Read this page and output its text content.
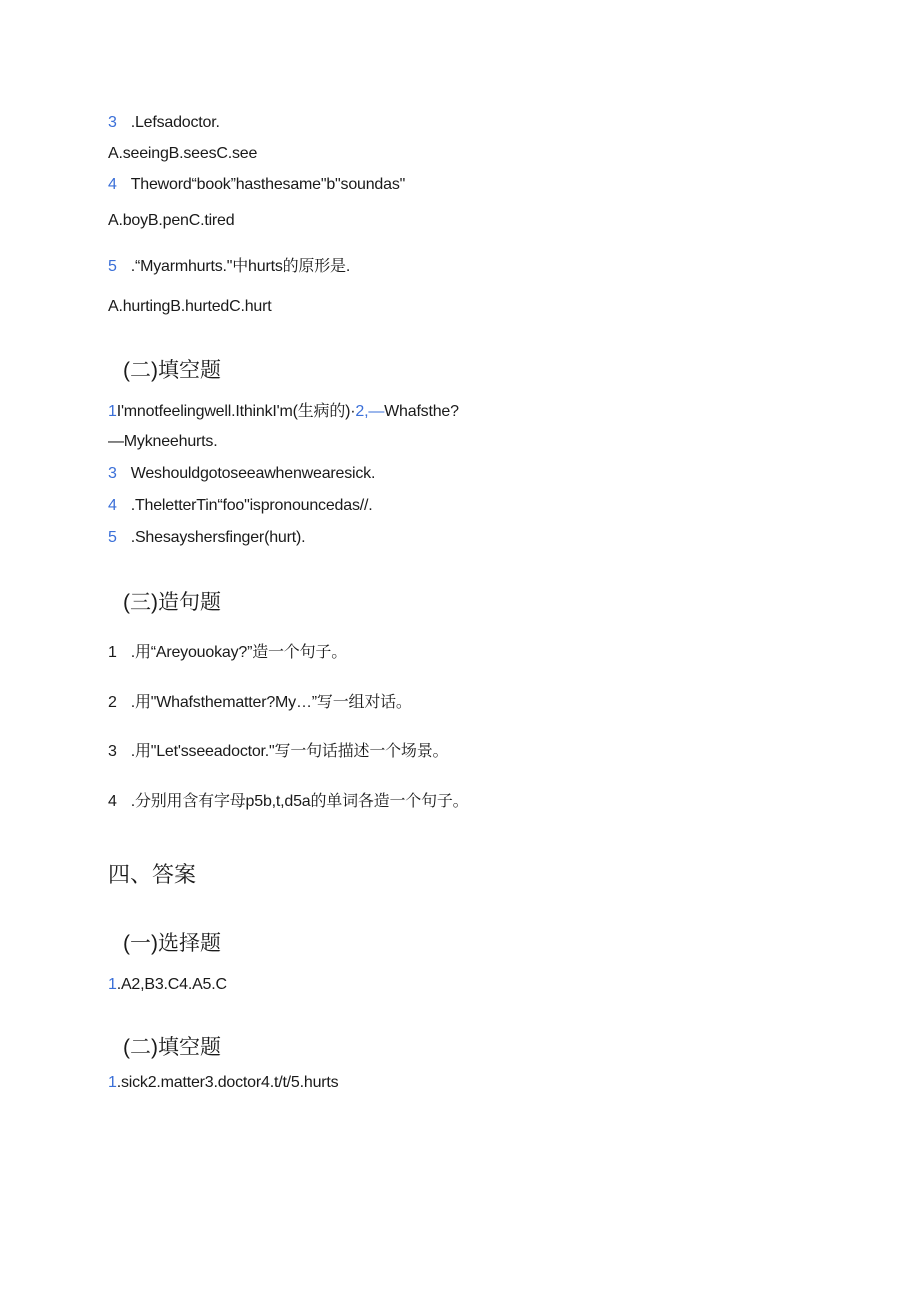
3 .Lefsadoctor.
A.seeingB.seesC.see
4 Theword“book”hasthesame"b"soundas"
A.boyB.penC.tired
5 .“Myarmhurts."中hurts的原形是.
A.hurtingB.hurtedC.hurt
(二)填空题
1I'mnotfeelingwell.IthinkI'm(生病的)·2,—Whafsthe?
—Mykneehurts.
3 Weshouldgotoseeawhenwearesick.
4 .TheletterTin“foo"ispronouncedas//.
5 .Shesayshersfinger(hurt).
(三)造句题
1 .用“Areyouokay?”造一个句子。
2 .用"Whafsthematter?My…”写一组对话。
3 .用"Let'sseeadoctor."写一句话描述一个场景。
4 .分别用含有字母p5b,t,d5a的单词各造一个句子。
四、答案
(一)选择题
1.A2,B3.C4.A5.C
(二)填空题
1.sick2.matter3.doctor4.t/t/5.hurts
